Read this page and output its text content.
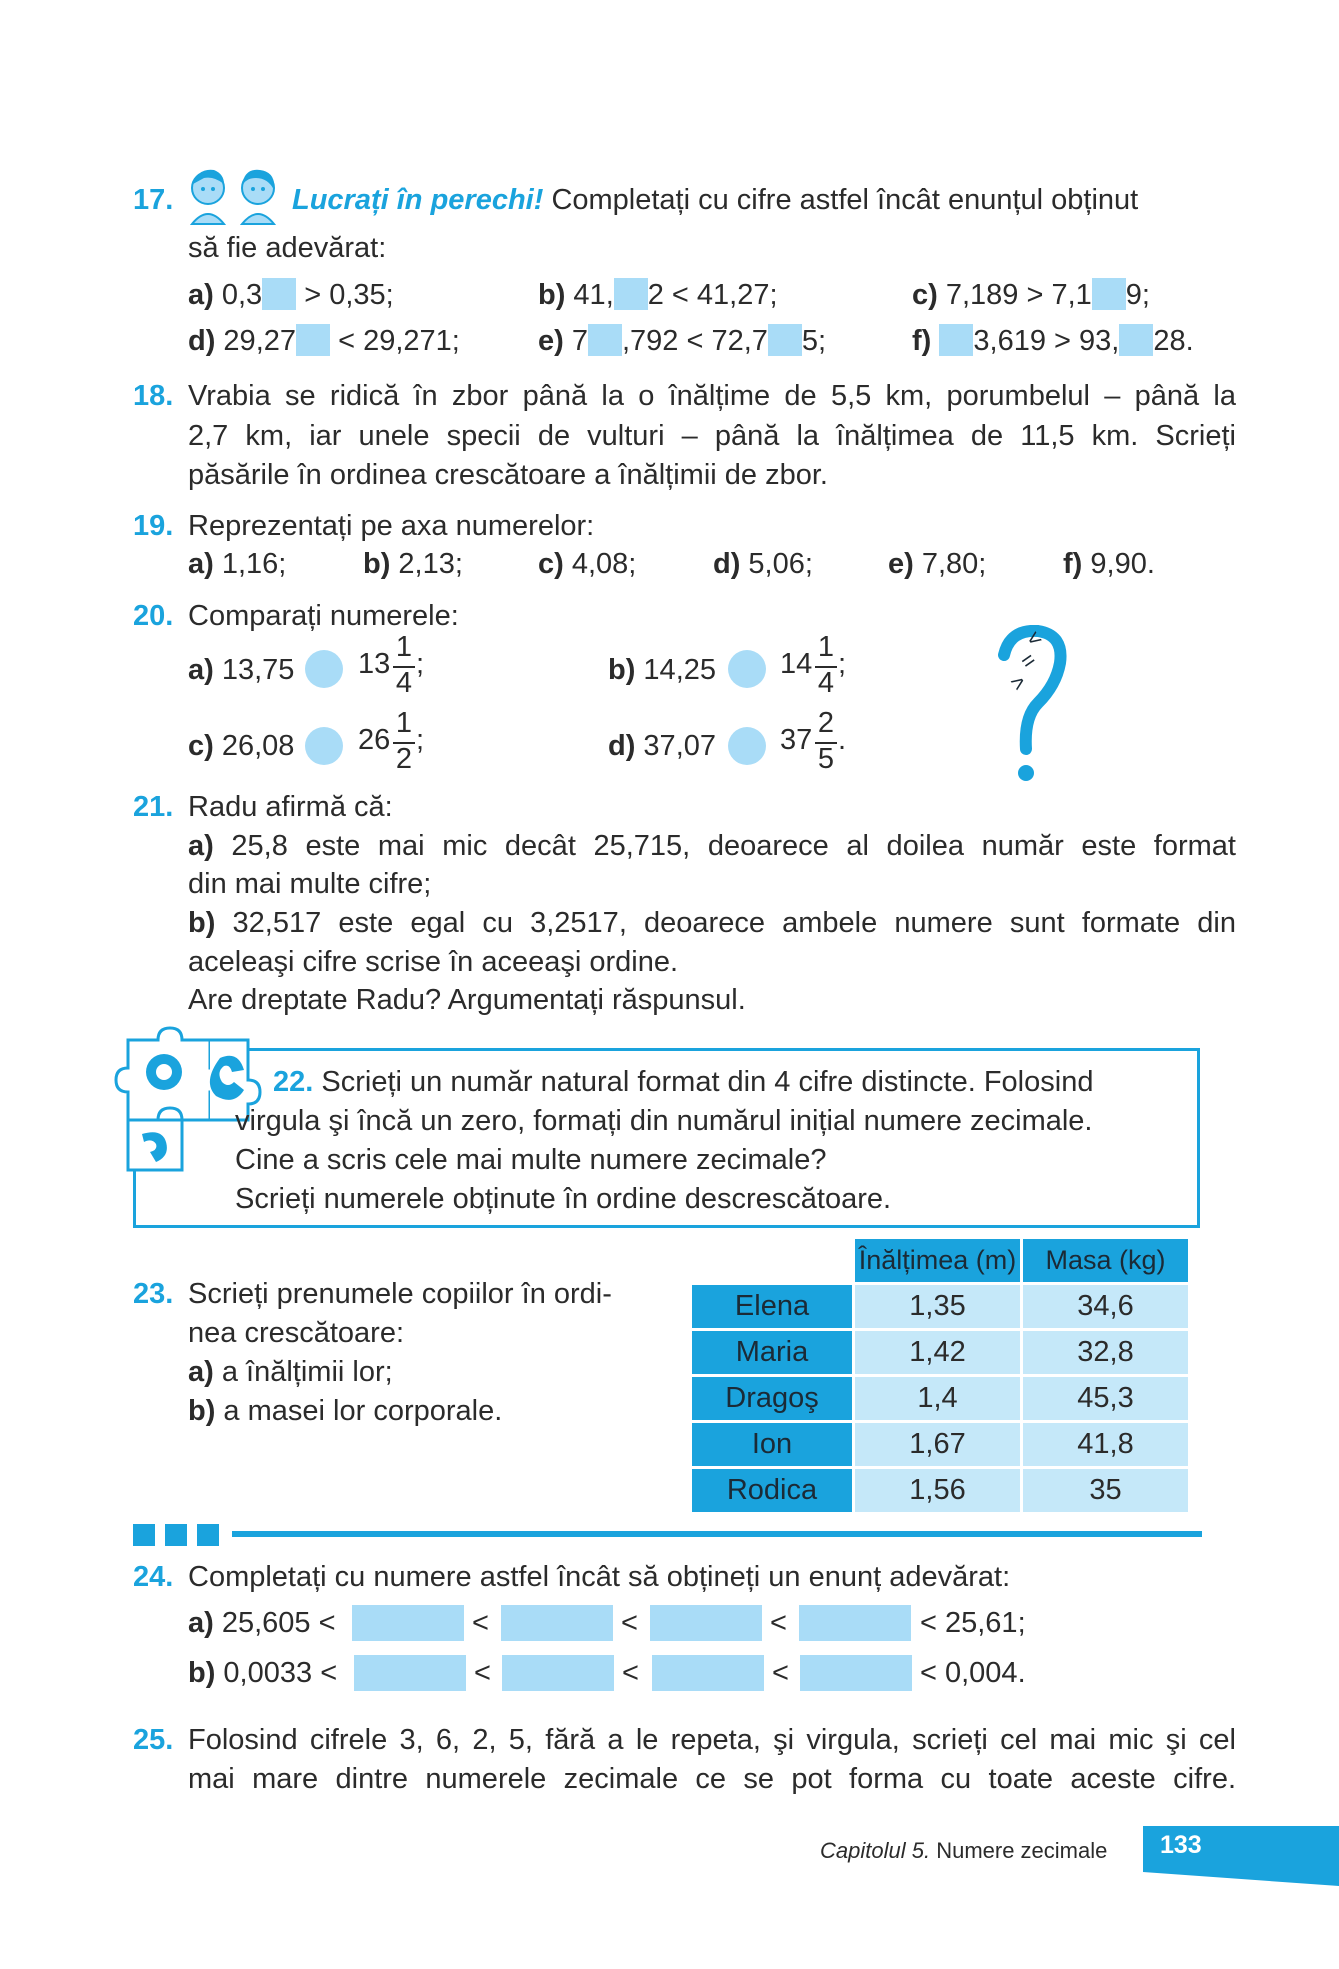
17.	Lucrați în perechi! Completați cu cifre astfel încât enunțul obținut
să fie adevărat:
a) 0,3 > 0,35;	b) 41, 2 < 41,27;	c) 7,189 > 7,1 9;
d) 29,27 < 29,271;	e) 7 ,792 < 72,7 5;	f) 3,619 > 93, 28.
18. Vrabia se ridică în zbor până la o înălțime de 5,5 km, porumbelul – până la
2,7 km, iar unele specii de vulturi – până la înălțimea de 11,5 km. Scrieți
păsările în ordinea crescătoare a înălțimii de zbor.
19. Reprezentați pe axa numerelor:
a) 1,16;	b) 2,13;	c) 4,08;	d) 5,06;	e) 7,80;	f) 9,90.
20. Comparați numerele:
a) 13,75 13
1
4
;	b) 14,25 14
1
4
;
c) 26,08 26
1
2
;	d) 37,07 37
2
5
.
<
=
>
21. Radu afirmă că:
a) 25,8 este mai mic decât 25,715, deoarece al doilea număr este format
din mai multe cifre;
b) 32,517 este egal cu 3,2517, deoarece ambele numere sunt formate din
aceleaşi cifre scrise în aceeaşi ordine.
Are dreptate Radu? Argumentați răspunsul.
22. Scrieți un număr natural format din 4 cifre distincte. Folosind
virgula şi încă un zero, formați din numărul inițial numere zecimale.
Cine a scris cele mai multe numere zecimale?
Scrieți numerele obținute în ordine descrescătoare.
23. Scrieți prenumele copiilor în ordi-
nea crescătoare:
a) a înălțimii lor;
b) a masei lor corporale.
	Înălțimea (m)	Masa (kg)
Elena	1,35	34,6
Maria	1,42	32,8
Dragoş	1,4	45,3
Ion	1,67	41,8
Rodica	1,56	35
24. Completați cu numere astfel încât să obțineți un enunț adevărat:
a) 25,605 <	<	<	<	< 25,61;
b) 0,0033 <	<	<	<	< 0,004.
25. Folosind cifrele 3, 6, 2, 5, fără a le repeta, şi virgula, scrieți cel mai mic şi cel
mai mare dintre numerele zecimale ce se pot forma cu toate aceste cifre.
Capitolul 5. Numere zecimale 133
